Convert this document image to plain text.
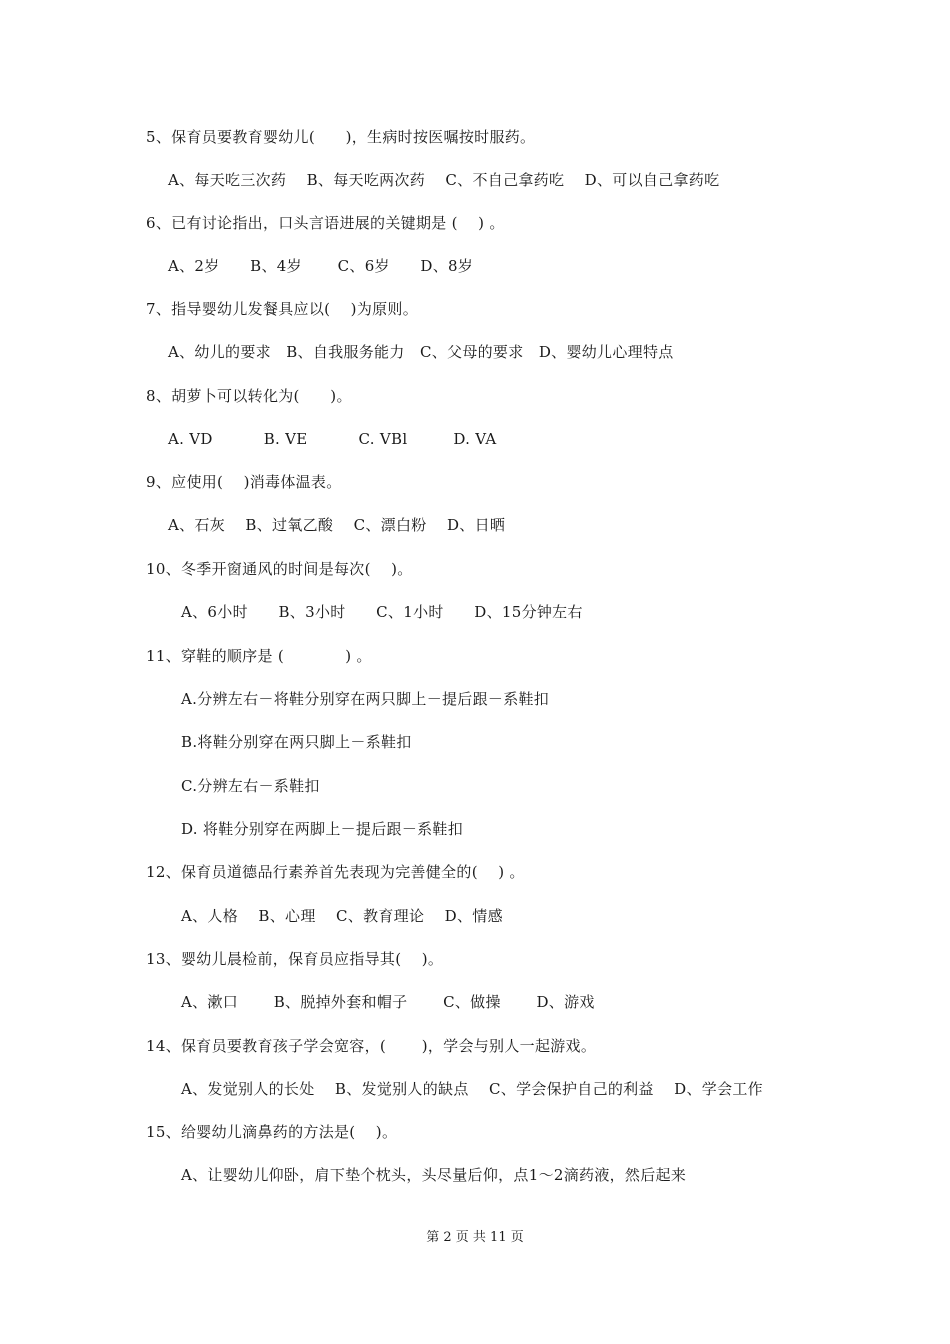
5、保育员要教育婴幼儿(　　)，生病时按医嘱按时服药。
A、每天吃三次药　 B、每天吃两次药　 C、不自己拿药吃　 D、可以自己拿药吃
6、已有讨论指出，口头言语进展的关键期是 (　 ) 。
A、2岁　　B、4岁　　 C、6岁　　D、8岁
7、指导婴幼儿发餐具应以(　 )为原则。
A、幼儿的要求　B、自我服务能力　C、父母的要求　D、婴幼儿心理特点
8、胡萝卜可以转化为(　　)。
A. VD　　　 B. VE　　　 C. VBl　　　D. VA
9、应使用(　 )消毒体温表。
A、石灰　 B、过氧乙酸　 C、漂白粉　 D、日晒
10、冬季开窗通风的时间是每次(　 )。
A、6小时　　B、3小时　　C、1小时　　D、15分钟左右
11、穿鞋的顺序是 (　　　　) 。
A.分辨左右－将鞋分别穿在两只脚上－提后跟－系鞋扣
B.将鞋分别穿在两只脚上－系鞋扣
C.分辨左右－系鞋扣
D. 将鞋分别穿在两脚上－提后跟－系鞋扣
12、保育员道德品行素养首先表现为完善健全的(　 ) 。
A、人格　 B、心理　 C、教育理论　 D、情感
13、婴幼儿晨检前，保育员应指导其(　 )。
A、漱口　　 B、脱掉外套和帽子　　 C、做操　　 D、游戏
14、保育员要教育孩子学会宽容，(　　 )，学会与别人一起游戏。
A、发觉别人的长处　 B、发觉别人的缺点　 C、学会保护自己的利益　 D、学会工作
15、给婴幼儿滴鼻药的方法是(　 )。
A、让婴幼儿仰卧，肩下垫个枕头，头尽量后仰，点1～2滴药液，然后起来
第 2 页 共 11 页
